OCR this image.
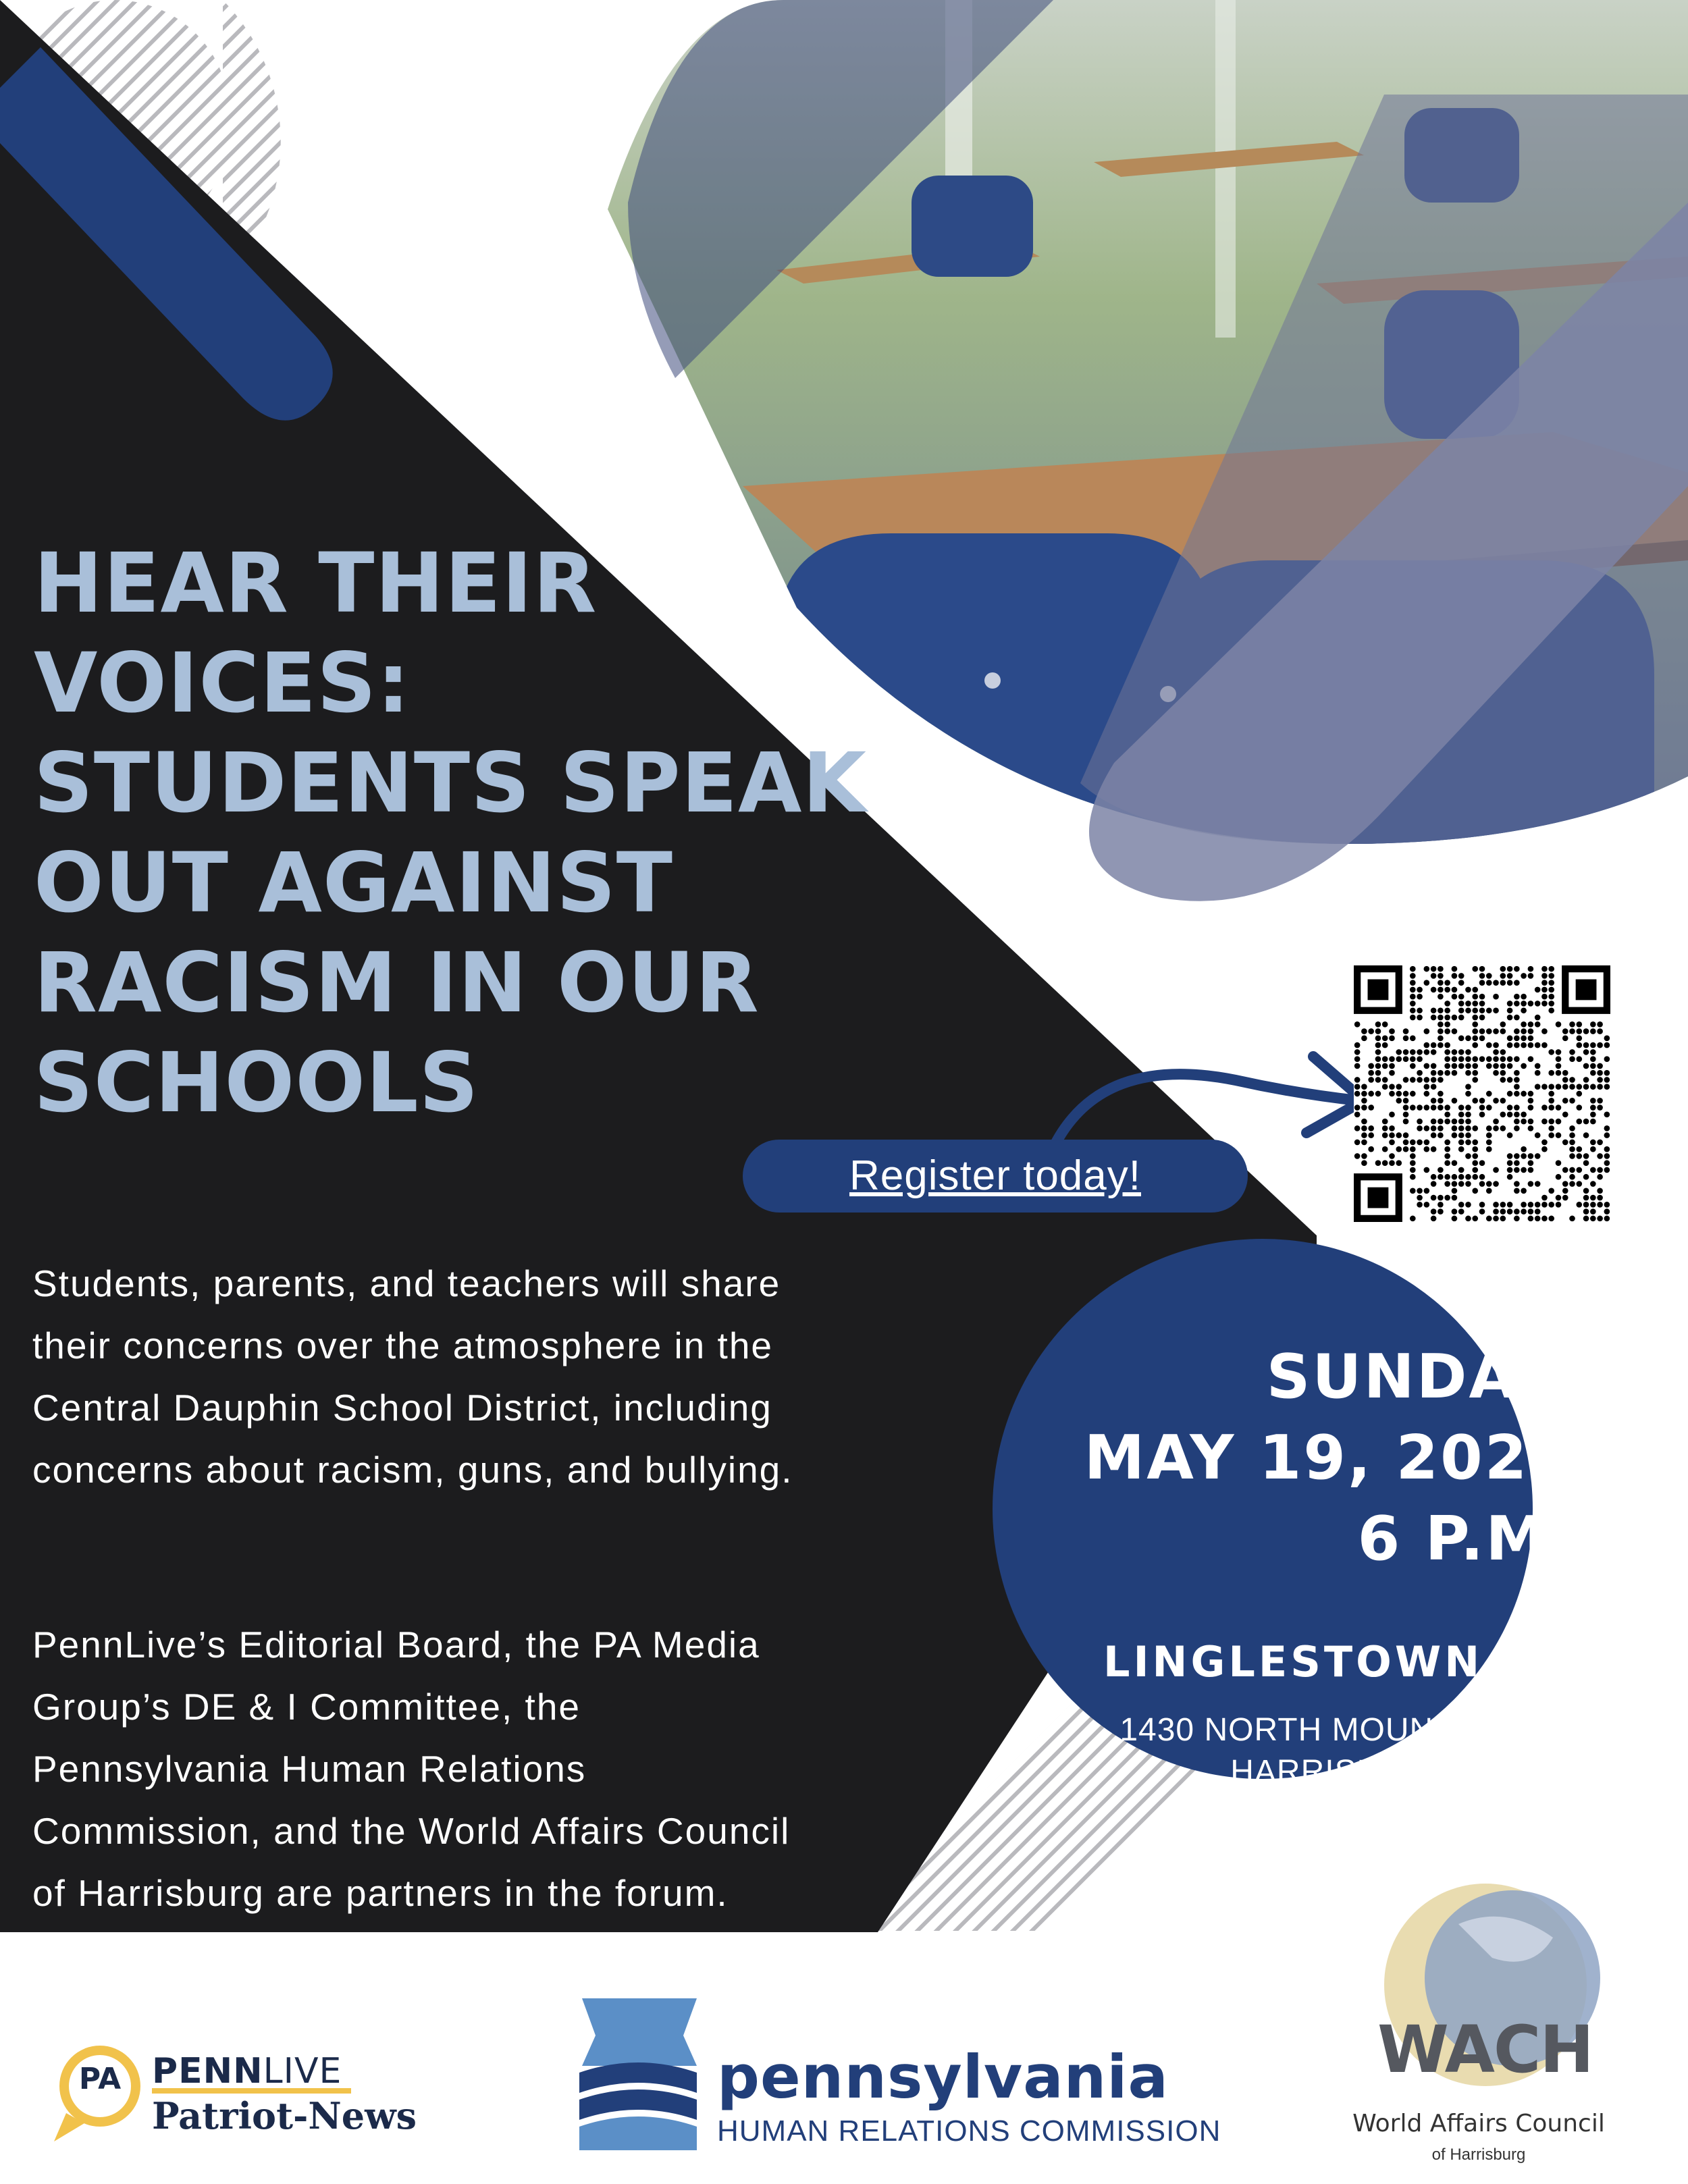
HEAR THEIR
VOICES:
STUDENTS SPEAK
OUT AGAINST
RACISM IN OUR
SCHOOLS
Register today!
Students, parents, and teachers will share
their concerns over the atmosphere in the
Central Dauphin School District, including
concerns about racism, guns, and bullying.
PennLive’s Editorial Board, the PA Media
Group’s DE & I Committee, the
Pennsylvania Human Relations
Commission, and the World Affairs Council
of Harrisburg are partners in the forum.
SUNDAY,
MAY 19, 2024
6 P.M.
LINGLESTOWN LIFE
1430 NORTH MOUNTAIN ROAD
HARRISBURG, PA 17112
PA PENNLIVE
Patriot-News
pennsylvania
HUMAN RELATIONS COMMISSION
WACH
World Affairs Council
of Harrisburg
